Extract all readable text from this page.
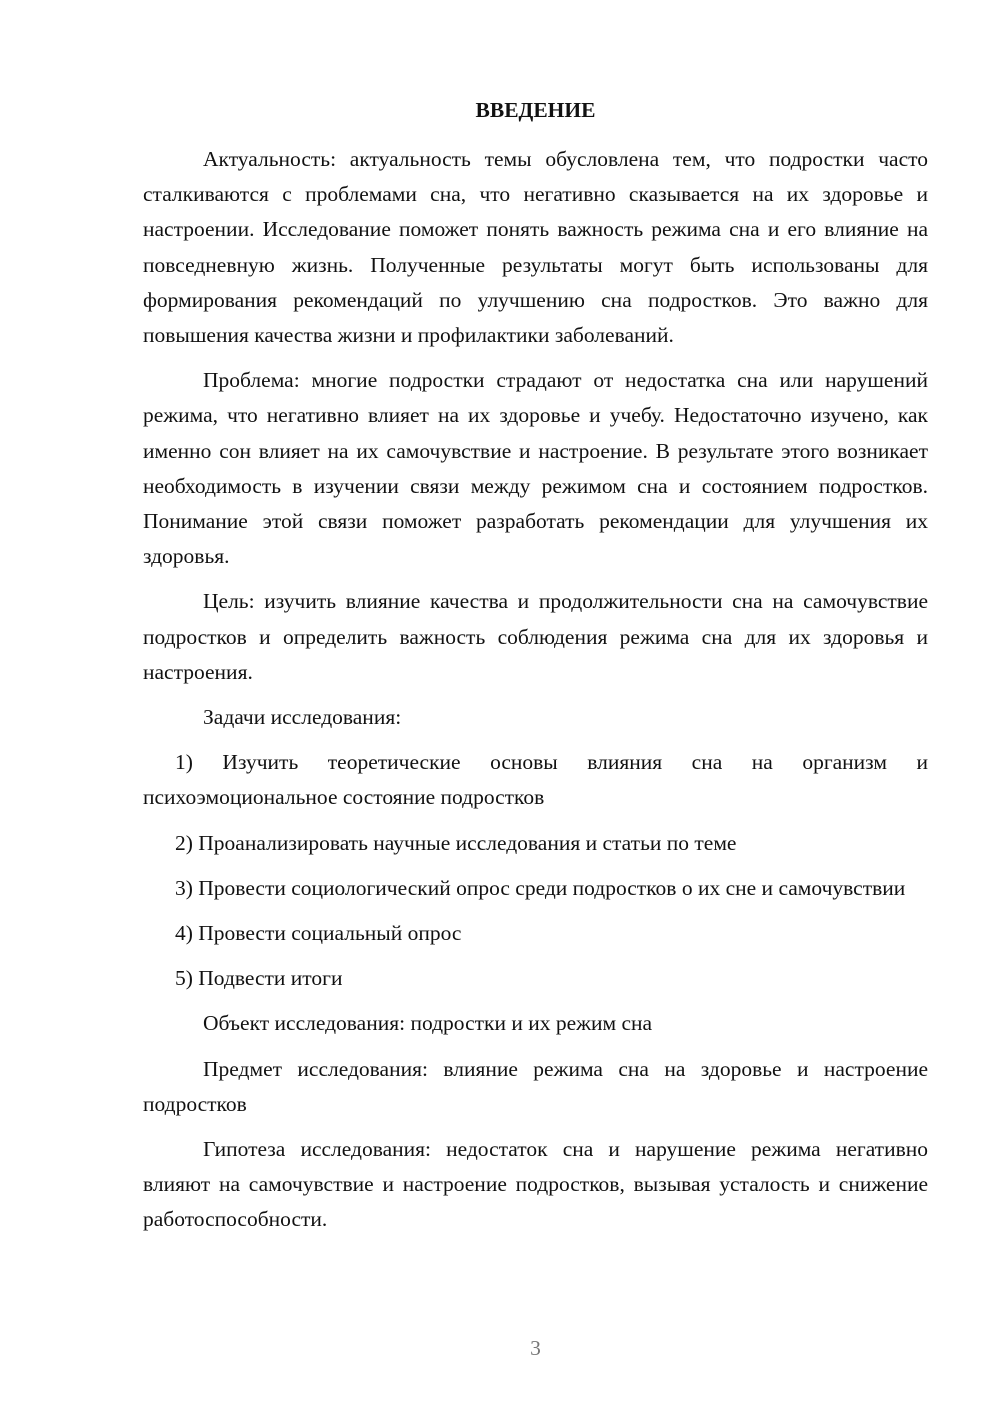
ВВЕДЕНИЕ

Актуальность: актуальность темы обусловлена тем, что подростки часто сталкиваются с проблемами сна, что негативно сказывается на их здоровье и настроении. Исследование поможет понять важность режима сна и его влияние на повседневную жизнь. Полученные результаты могут быть использованы для формирования рекомендаций по улучшению сна подростков. Это важно для повышения качества жизни и профилактики заболеваний.

Проблема: многие подростки страдают от недостатка сна или нарушений режима, что негативно влияет на их здоровье и учебу. Недостаточно изучено, как именно сон влияет на их самочувствие и настроение. В результате этого возникает необходимость в изучении связи между режимом сна и состоянием подростков. Понимание этой связи поможет разработать рекомендации для улучшения их здоровья.

Цель: изучить влияние качества и продолжительности сна на самочувствие подростков и определить важность соблюдения режима сна для их здоровья и настроения.

Задачи исследования:

1) Изучить теоретические основы влияния сна на организм и психоэмоциональное состояние подростков

2) Проанализировать научные исследования и статьи по теме

3) Провести социологический опрос среди подростков о их сне и самочувствии

4) Провести социальный опрос

5) Подвести итоги

Объект исследования: подростки и их режим сна

Предмет исследования: влияние режима сна на здоровье и настроение подростков

Гипотеза исследования: недостаток сна и нарушение режима негативно влияют на самочувствие и настроение подростков, вызывая усталость и снижение работоспособности.

3
